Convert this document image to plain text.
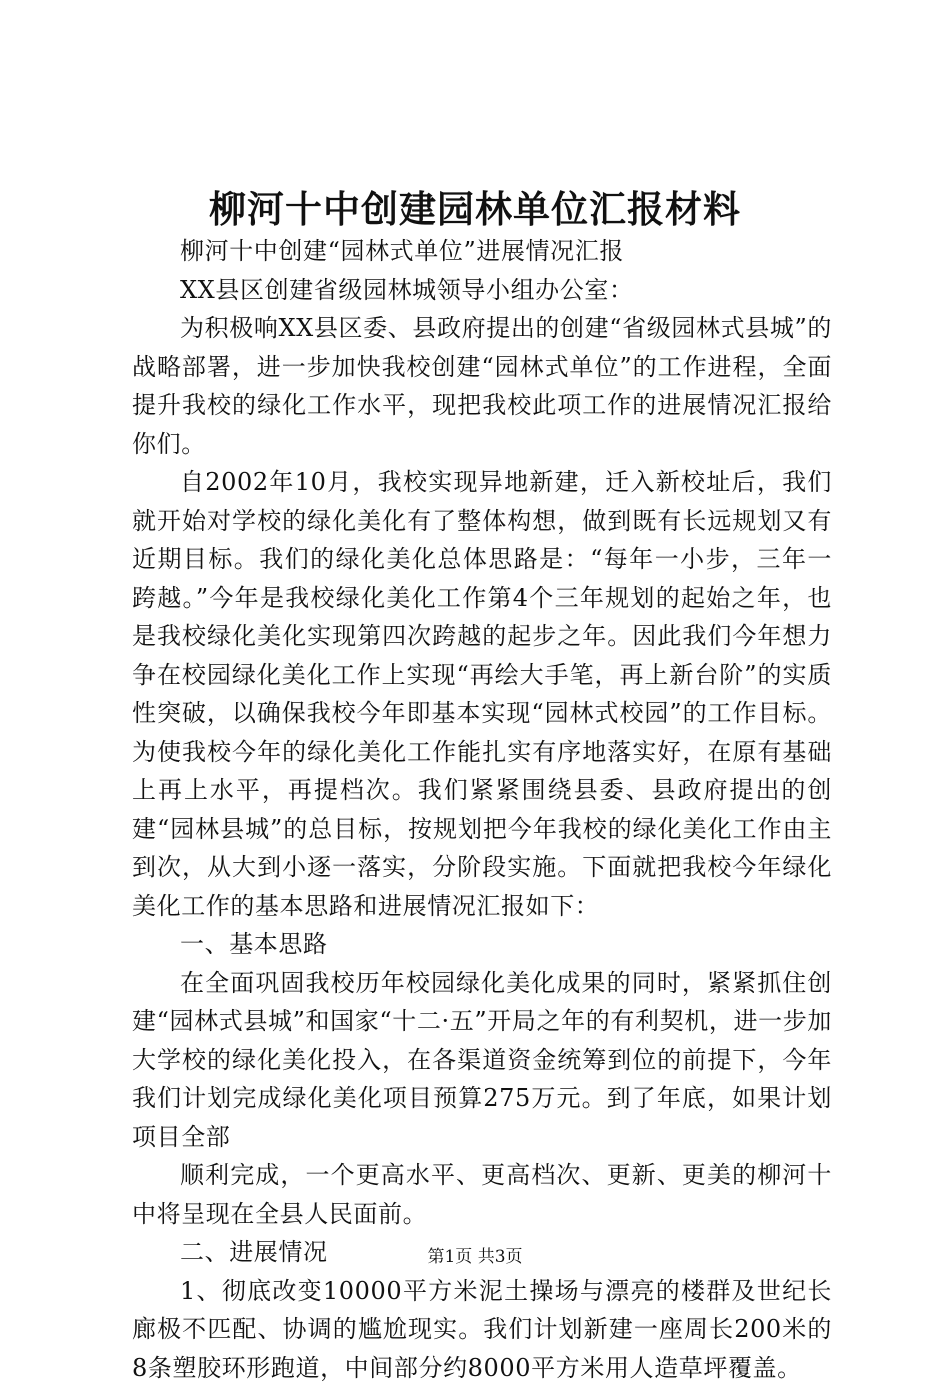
柳河十中创建园林单位汇报材料

柳河十中创建“园林式单位”进展情况汇报

XX县区创建省级园林城领导小组办公室：

为积极响XX县区委、县政府提出的创建“省级园林式县城”的战略部署，进一步加快我校创建“园林式单位”的工作进程，全面提升我校的绿化工作水平，现把我校此项工作的进展情况汇报给你们。

自2002年10月，我校实现异地新建，迁入新校址后，我们就开始对学校的绿化美化有了整体构想，做到既有长远规划又有近期目标。我们的绿化美化总体思路是：“每年一小步，三年一跨越。”今年是我校绿化美化工作第4个三年规划的起始之年，也是我校绿化美化实现第四次跨越的起步之年。因此我们今年想力争在校园绿化美化工作上实现“再绘大手笔，再上新台阶”的实质性突破，以确保我校今年即基本实现“园林式校园”的工作目标。为使我校今年的绿化美化工作能扎实有序地落实好，在原有基础上再上水平，再提档次。我们紧紧围绕县委、县政府提出的创建“园林县城”的总目标，按规划把今年我校的绿化美化工作由主到次，从大到小逐一落实，分阶段实施。下面就把我校今年绿化美化工作的基本思路和进展情况汇报如下：

一、基本思路

在全面巩固我校历年校园绿化美化成果的同时，紧紧抓住创建“园林式县城”和国家“十二·五”开局之年的有利契机，进一步加大学校的绿化美化投入，在各渠道资金统筹到位的前提下，今年我们计划完成绿化美化项目预算275万元。到了年底，如果计划项目全部

顺利完成，一个更高水平、更高档次、更新、更美的柳河十中将呈现在全县人民面前。

二、进展情况

1、彻底改变10000平方米泥土操场与漂亮的楼群及世纪长廊极不匹配、协调的尴尬现实。我们计划新建一座周长200米的8条塑胶环形跑道，中间部分约8000平方米用人造草坪覆盖。

第1页 共3页
